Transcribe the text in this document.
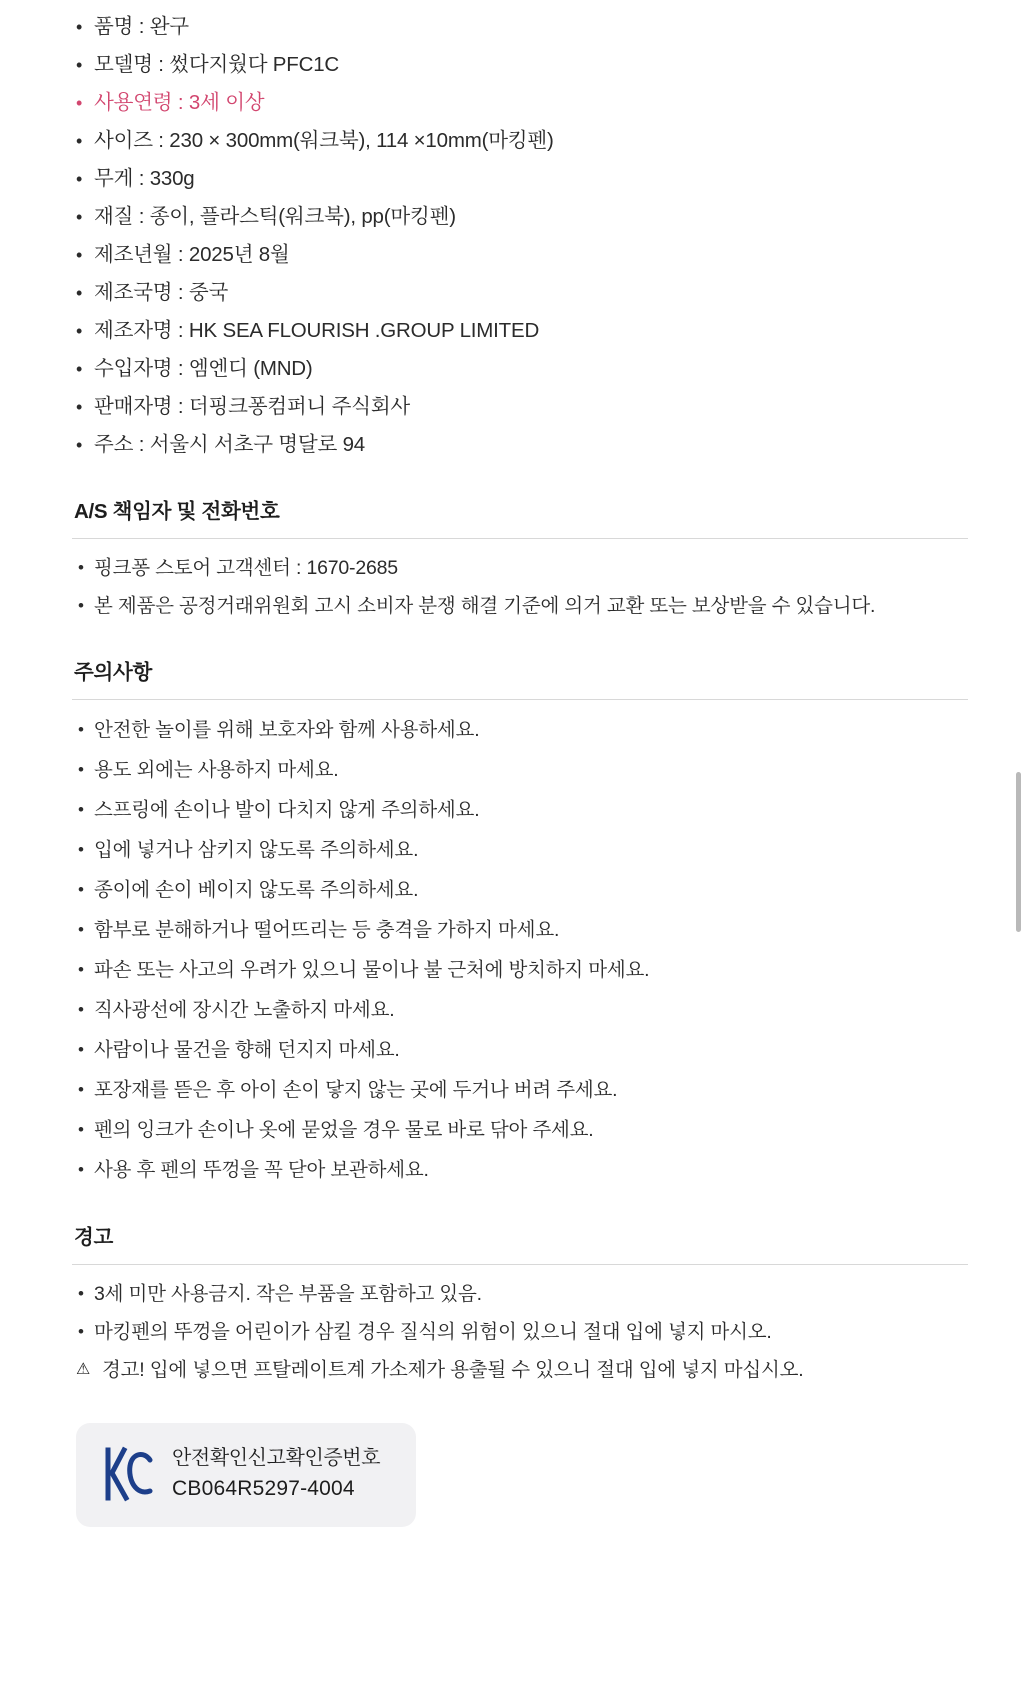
• 품명 : 완구
• 모델명 : 썼다지웠다 PFC1C
• 사용연령 : 3세 이상
• 사이즈 : 230 × 300mm(워크북), 114 ×10mm(마킹펜)
• 무게 : 330g
• 재질 : 종이, 플라스틱(워크북), pp(마킹펜)
• 제조년월 : 2025년 8월
• 제조국명 : 중국
• 제조자명 : HK SEA FLOURISH .GROUP LIMITED
• 수입자명 : 엠엔디 (MND)
• 판매자명 : 더핑크퐁컴퍼니 주식회사
• 주소 : 서울시 서초구 명달로 94
A/S 책임자 및 전화번호
• 핑크퐁 스토어 고객센터 : 1670-2685
• 본 제품은 공정거래위원회 고시 소비자 분쟁 해결 기준에 의거 교환 또는 보상받을 수 있습니다.
주의사항
• 안전한 놀이를 위해 보호자와 함께 사용하세요.
• 용도 외에는 사용하지 마세요.
• 스프링에 손이나 발이 다치지 않게 주의하세요.
• 입에 넣거나 삼키지 않도록 주의하세요.
• 종이에 손이 베이지 않도록 주의하세요.
• 함부로 분해하거나 떨어뜨리는 등 충격을 가하지 마세요.
• 파손 또는 사고의 우려가 있으니 물이나 불 근처에 방치하지 마세요.
• 직사광선에 장시간 노출하지 마세요.
• 사람이나 물건을 향해 던지지 마세요.
• 포장재를 뜯은 후 아이 손이 닿지 않는 곳에 두거나 버려 주세요.
• 펜의 잉크가 손이나 옷에 묻었을 경우 물로 바로 닦아 주세요.
• 사용 후 펜의 뚜껑을 꼭 닫아 보관하세요.
경고
• 3세 미만 사용금지. 작은 부품을 포함하고 있음.
• 마킹펜의 뚜껑을 어린이가 삼킬 경우 질식의 위험이 있으니 절대 입에 넣지 마시오.
⚠ 경고! 입에 넣으면 프탈레이트계 가소제가 용출될 수 있으니 절대 입에 넣지 마십시오.
안전확인신고확인증번호
CB064R5297-4004
